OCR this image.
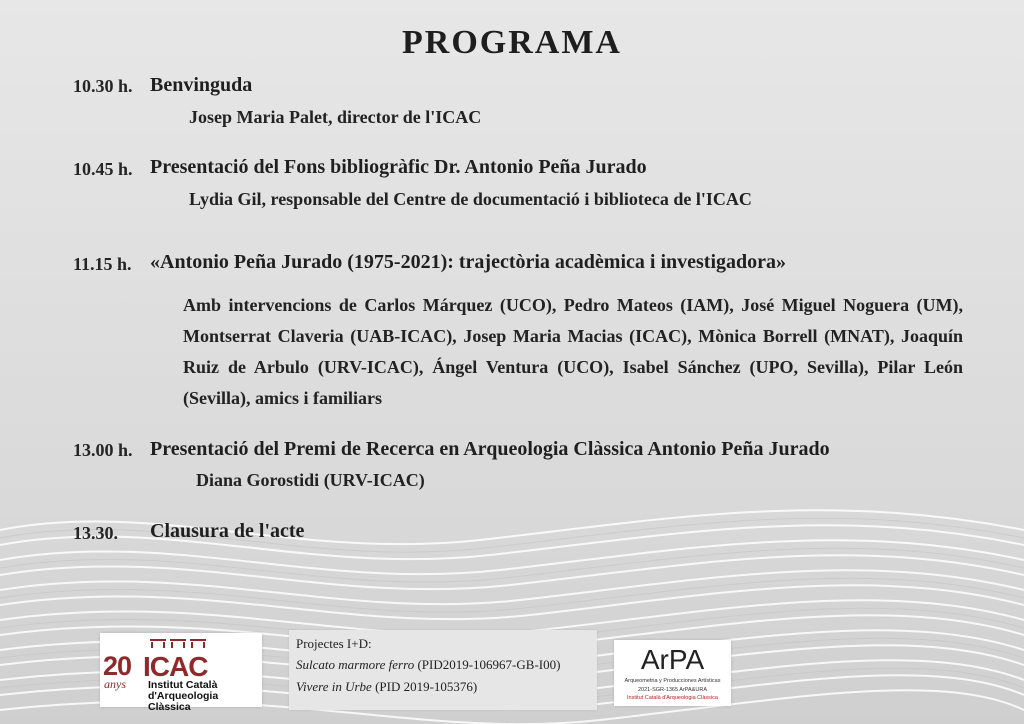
PROGRAMA
10.30 h. Benvinguda
Josep Maria Palet, director de l'ICAC
10.45 h. Presentació del Fons bibliogràfic Dr. Antonio Peña Jurado
Lydia Gil, responsable del Centre de documentació i biblioteca de l'ICAC
11.15 h. «Antonio Peña Jurado (1975-2021): trajectòria acadèmica i investigadora»
Amb intervencions de Carlos Márquez (UCO), Pedro Mateos (IAM), José Miguel Noguera (UM), Montserrat Claveria (UAB-ICAC), Josep Maria Macias (ICAC), Mònica Borrell (MNAT), Joaquín Ruiz de Arbulo (URV-ICAC), Ángel Ventura (UCO), Isabel Sánchez (UPO, Sevilla), Pilar León (Sevilla), amics i familiars
13.00 h. Presentació del Premi de Recerca en Arqueologia Clàssica Antonio Peña Jurado
Diana Gorostidi (URV-ICAC)
13.30. Clausura de l'acte
20
anys
ICAC
Institut Català
d'Arqueologia Clàssica
Projectes I+D:
Sulcato marmore ferro (PID2019-106967-GB-I00)
Vivere in Urbe (PID 2019-105376)
ArPA
Arqueometria y Producciones Artísticas
2021-SGR-1365 ArPA&URA
Institut Català d'Arqueologia Clàssica
